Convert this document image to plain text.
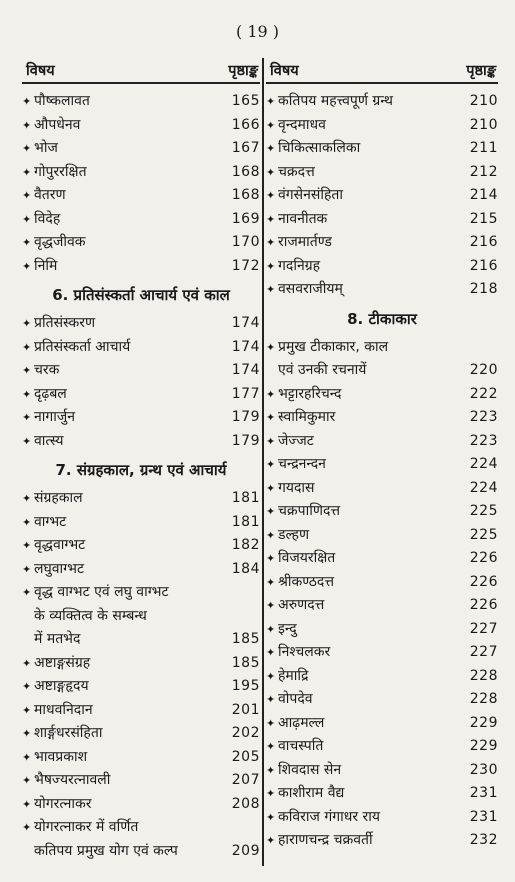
( 19 )
विषय	पृष्ठाङ्क
✦ पौष्कलावत	165
✦ औपधेनव	166
✦ भोज	167
✦ गोपुररक्षित	168
✦ वैतरण	168
✦ विदेह	169
✦ वृद्धजीवक	170
✦ निमि	172
6. प्रतिसंस्कर्ता आचार्य एवं काल
✦ प्रतिसंस्करण	174
✦ प्रतिसंस्कर्ता आचार्य	174
✦ चरक	174
✦ दृढ़बल	177
✦ नागार्जुन	179
✦ वात्स्य	179
7. संग्रहकाल, ग्रन्थ एवं आचार्य
✦ संग्रहकाल	181
✦ वाग्भट	181
✦ वृद्धवाग्भट	182
✦ लघुवाग्भट	184
✦ वृद्ध वाग्भट एवं लघु वाग्भट
के व्यक्तित्व के सम्बन्ध
में मतभेद	185
✦ अष्टाङ्गसंग्रह	185
✦ अष्टाङ्गहृदय	195
✦ माधवनिदान	201
✦ शार्ङ्गधरसंहिता	202
✦ भावप्रकाश	205
✦ भैषज्यरत्नावली	207
✦ योगरत्नाकर	208
✦ योगरत्नाकर में वर्णित
कतिपय प्रमुख योग एवं कल्प	209
विषय	पृष्ठाङ्क
✦ कतिपय महत्त्वपूर्ण ग्रन्थ	210
✦ वृन्दमाधव	210
✦ चिकित्साकलिका	211
✦ चक्रदत्त	212
✦ वंगसेनसंहिता	214
✦ नावनीतक	215
✦ राजमार्तण्ड	216
✦ गदनिग्रह	216
✦ वसवराजीयम्	218
8. टीकाकार
✦ प्रमुख टीकाकार, काल
एवं उनकी रचनायें	220
✦ भट्टारहरिचन्द	222
✦ स्वामिकुमार	223
✦ जेज्जट	223
✦ चन्द्रनन्दन	224
✦ गयदास	224
✦ चक्रपाणिदत्त	225
✦ डल्हण	225
✦ विजयरक्षित	226
✦ श्रीकण्ठदत्त	226
✦ अरुणदत्त	226
✦ इन्दु	227
✦ निश्चलकर	227
✦ हेमाद्रि	228
✦ वोपदेव	228
✦ आढ़मल्ल	229
✦ वाचस्पति	229
✦ शिवदास सेन	230
✦ काशीराम वैद्य	231
✦ कविराज गंगाधर राय	231
✦ हाराणचन्द्र चक्रवर्ती	232
